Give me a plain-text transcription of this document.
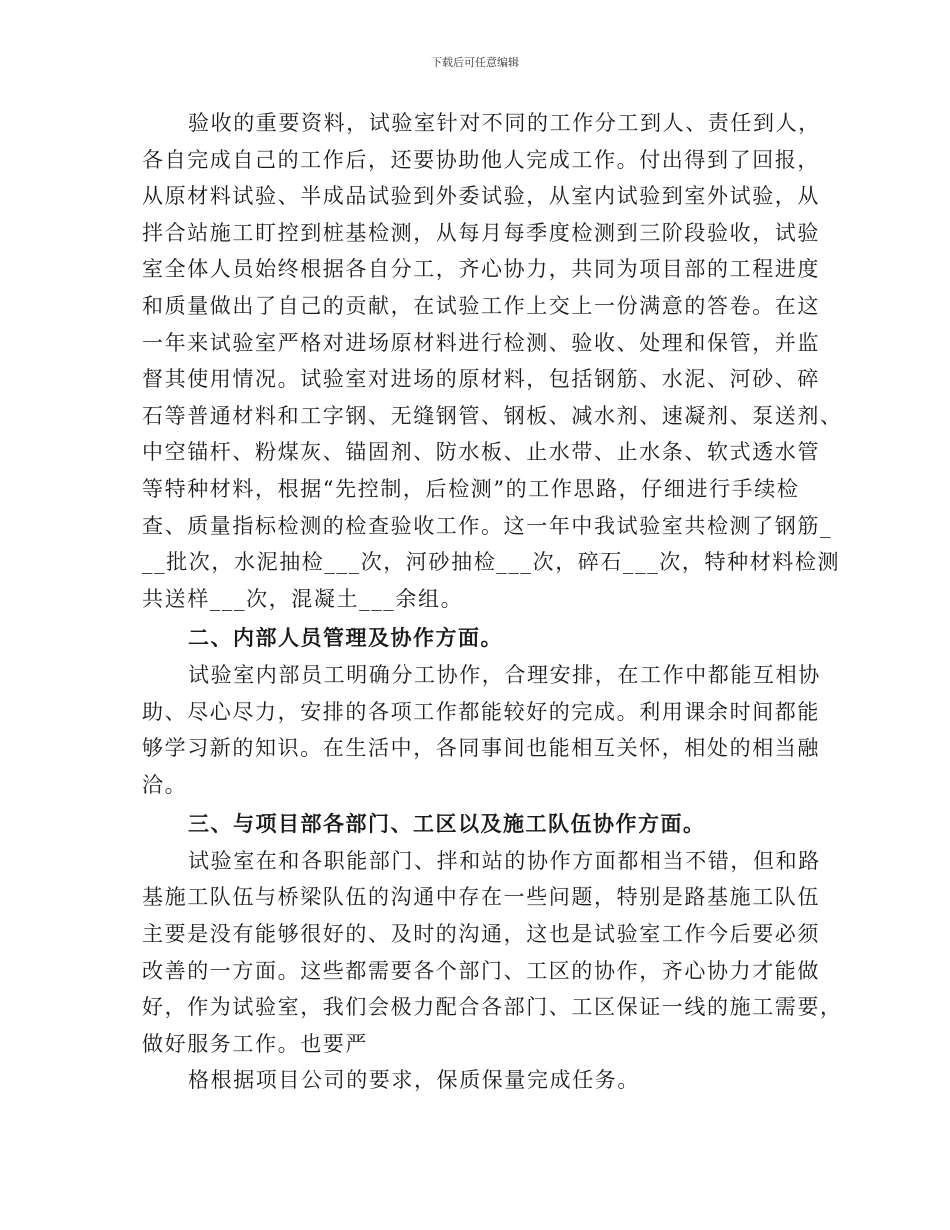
下载后可任意编辑
验收的重要资料，试验室针对不同的工作分工到人、责任到人，
各自完成自己的工作后，还要协助他人完成工作。付出得到了回报，
从原材料试验、半成品试验到外委试验，从室内试验到室外试验，从
拌合站施工盯控到桩基检测，从每月每季度检测到三阶段验收，试验
室全体人员始终根据各自分工，齐心协力，共同为项目部的工程进度
和质量做出了自己的贡献，在试验工作上交上一份满意的答卷。在这
一年来试验室严格对进场原材料进行检测、验收、处理和保管，并监
督其使用情况。试验室对进场的原材料，包括钢筋、水泥、河砂、碎
石等普通材料和工字钢、无缝钢管、钢板、减水剂、速凝剂、泵送剂、
中空锚杆、粉煤灰、锚固剂、防水板、止水带、止水条、软式透水管
等特种材料，根据“先控制，后检测”的工作思路，仔细进行手续检
查、质量指标检测的检查验收工作。这一年中我试验室共检测了钢筋_
__批次，水泥抽检___次，河砂抽检___次，碎石___次，特种材料检测
共送样___次，混凝土___余组。
二、内部人员管理及协作方面。
试验室内部员工明确分工协作，合理安排，在工作中都能互相协
助、尽心尽力，安排的各项工作都能较好的完成。利用课余时间都能
够学习新的知识。在生活中，各同事间也能相互关怀，相处的相当融
洽。
三、与项目部各部门、工区以及施工队伍协作方面。
试验室在和各职能部门、拌和站的协作方面都相当不错，但和路
基施工队伍与桥梁队伍的沟通中存在一些问题，特别是路基施工队伍
主要是没有能够很好的、及时的沟通，这也是试验室工作今后要必须
改善的一方面。这些都需要各个部门、工区的协作，齐心协力才能做
好，作为试验室，我们会极力配合各部门、工区保证一线的施工需要，
做好服务工作。也要严
格根据项目公司的要求，保质保量完成任务。
